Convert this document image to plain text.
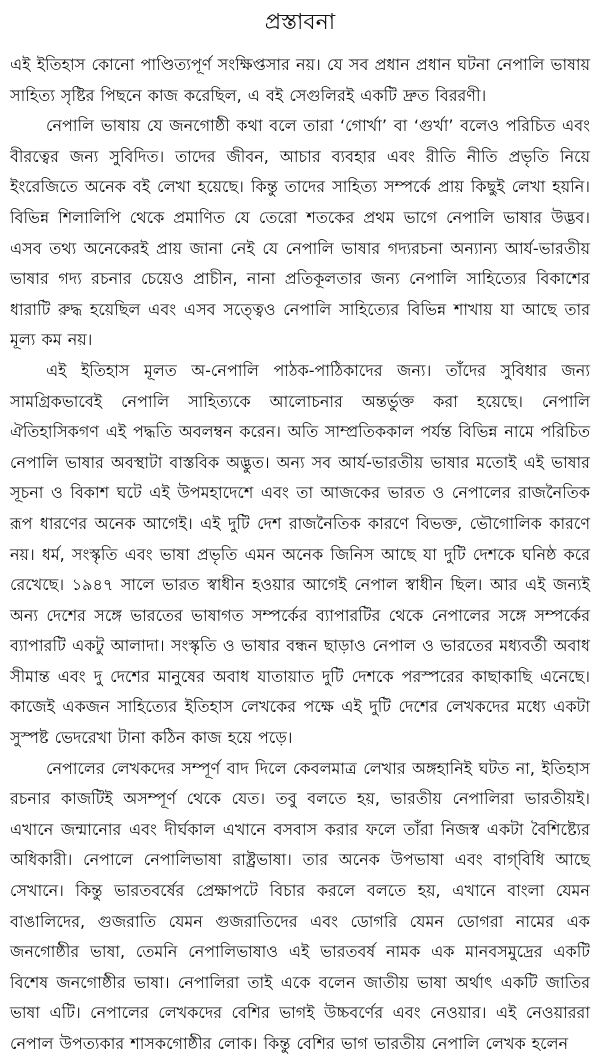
প্রস্তাবনা

এই ইতিহাস কোনো পাণ্ডিত্যপূর্ণ সংক্ষিপ্তসার নয়। যে সব প্রধান প্রধান ঘটনা নেপালি ভাষায় সাহিত্য সৃষ্টির পিছনে কাজ করেছিল, এ বই সেগুলিরই একটি দ্রুত বিররণী।

নেপালি ভাষায় যে জনগোষ্ঠী কথা বলে তারা ‘গোর্খা’ বা ‘গুর্খা’ বলেও পরিচিত এবং বীরত্বের জন্য সুবিদিত। তাদের জীবন, আচার ব্যবহার এবং রীতি নীতি প্রভৃতি নিয়ে ইংরেজিতে অনেক বই লেখা হয়েছে। কিন্তু তাদের সাহিত্য সম্পর্কে প্রায় কিছুই লেখা হয়নি। বিভিন্ন শিলালিপি থেকে প্রমাণিত যে তেরো শতকের প্রথম ভাগে নেপালি ভাষার উদ্ভব। এসব তথ্য অনেকেরই প্রায় জানা নেই যে নেপালি ভাষার গদ্যরচনা অন্যান্য আর্য-ভারতীয় ভাষার গদ্য রচনার চেয়েও প্রাচীন, নানা প্রতিকূলতার জন্য নেপালি সাহিত্যের বিকাশের ধারাটি রুদ্ধ হয়েছিল এবং এসব সত্ত্বেও নেপালি সাহিত্যের বিভিন্ন শাখায় যা আছে তার মূল্য কম নয়।

এই ইতিহাস মূলত অ-নেপালি পাঠক-পাঠিকাদের জন্য। তাঁদের সুবিধার জন্য সামগ্রিকভাবেই নেপালি সাহিত্যকে আলোচনার অন্তর্ভুক্ত করা হয়েছে। নেপালি ঐতিহাসিকগণ এই পদ্ধতি অবলম্বন করেন। অতি সাম্প্রতিককাল পর্যন্ত বিভিন্ন নামে পরিচিত নেপালি ভাষার অবস্থাটা বাস্তবিক অদ্ভুত। অন্য সব আর্য-ভারতীয় ভাষার মতোই এই ভাষার সূচনা ও বিকাশ ঘটে এই উপমহাদেশে এবং তা আজকের ভারত ও নেপালের রাজনৈতিক রূপ ধারণের অনেক আগেই। এই দুটি দেশ রাজনৈতিক কারণে বিভক্ত, ভৌগোলিক কারণে নয়। ধর্ম, সংস্কৃতি এবং ভাষা প্রভৃতি এমন অনেক জিনিস আছে যা দুটি দেশকে ঘনিষ্ঠ করে রেখেছে। ১৯৪৭ সালে ভারত স্বাধীন হওয়ার আগেই নেপাল স্বাধীন ছিল। আর এই জন্যই অন্য দেশের সঙ্গে ভারতের ভাষাগত সম্পর্কের ব্যাপারটির থেকে নেপালের সঙ্গে সম্পর্কের ব্যাপারটি একটু আলাদা। সংস্কৃতি ও ভাষার বন্ধন ছাড়াও নেপাল ও ভারতের মধ্যবর্তী অবাধ সীমান্ত এবং দু দেশের মানুষের অবাধ যাতায়াত দুটি দেশকে পরস্পরের কাছাকাছি এনেছে। কাজেই একজন সাহিত্যের ইতিহাস লেখকের পক্ষে এই দুটি দেশের লেখকদের মধ্যে একটা সুস্পষ্ট ভেদরেখা টানা কঠিন কাজ হয়ে পড়ে।

নেপালের লেখকদের সম্পূর্ণ বাদ দিলে কেবলমাত্র লেখার অঙ্গহানিই ঘটত না, ইতিহাস রচনার কাজটিই অসম্পূর্ণ থেকে যেত। তবু বলতে হয়, ভারতীয় নেপালিরা ভারতীয়ই। এখানে জন্মানোর এবং দীর্ঘকাল এখানে বসবাস করার ফলে তাঁরা নিজস্ব একটা বৈশিষ্ট্যের অধিকারী। নেপালে নেপালিভাষা রাষ্ট্রভাষা। তার অনেক উপভাষা এবং বাগ্‌বিধি আছে সেখানে। কিন্তু ভারতবর্ষের প্রেক্ষাপটে বিচার করলে বলতে হয়, এখানে বাংলা যেমন বাঙালিদের, গুজরাতি যেমন গুজরাতিদের এবং ডোগরি যেমন ডোগরা নামের এক জনগোষ্ঠীর ভাষা, তেমনি নেপালিভাষাও এই ভারতবর্ষ নামক এক মানবসমুদ্রের একটি বিশেষ জনগোষ্ঠীর ভাষা। নেপালিরা তাই একে বলেন জাতীয় ভাষা অর্থাৎ একটি জাতির ভাষা এটি। নেপালের লেখকদের বেশির ভাগই উচ্চবর্ণের এবং নেওয়ার। এই নেওয়াররা নেপাল উপত্যকার শাসকগোষ্ঠীর লোক। কিন্তু বেশির ভাগ ভারতীয় নেপালি লেখক হলেন
